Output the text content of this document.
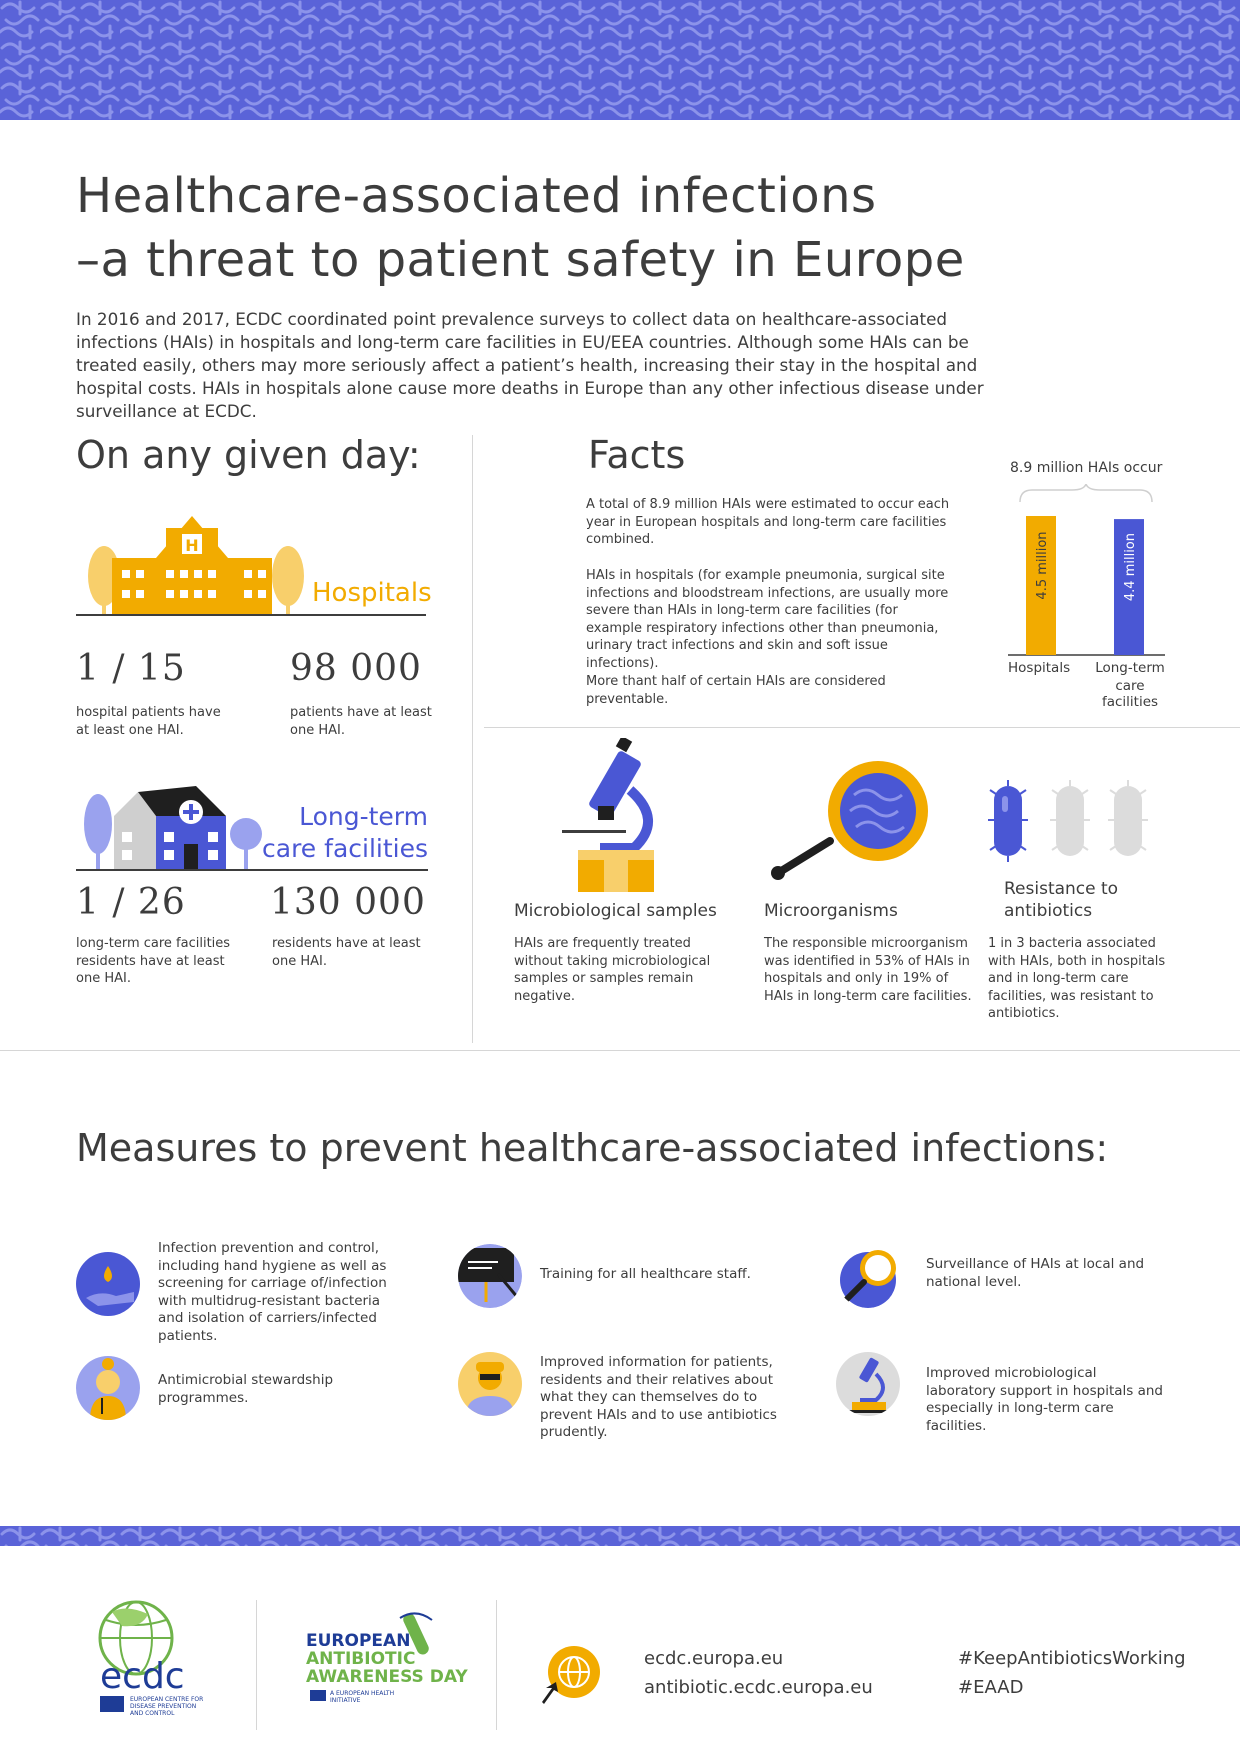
Healthcare-associated infections
–a threat to patient safety in Europe

In 2016 and 2017, ECDC coordinated point prevalence surveys to collect data on healthcare-associated infections (HAIs) in hospitals and long-term care facilities in EU/EEA countries. Although some HAIs can be treated easily, others may more seriously affect a patient’s health, increasing their stay in the hospital and hospital costs. HAIs in hospitals alone cause more deaths in Europe than any other infectious disease under surveillance at ECDC.

On any given day:
H
Hospitals
1 / 15
hospital patients have at least one HAI.
98 000
patients have at least one HAI.
Long-term
care facilities
1 / 26
long-term care facilities residents have at least one HAI.
130 000
residents have at least one HAI.
Facts
A total of 8.9 million HAIs were estimated to occur each year in European hospitals and long-term care facilities combined.
HAIs in hospitals (for example pneumonia, surgical site infections and bloodstream infections, are usually more severe than HAIs in long-term care facilities (for example respiratory infections other than pneumonia, urinary tract infections and skin and soft issue infections).
More thant half of certain HAIs are considered preventable.
8.9 million HAIs occur
4.5 million	4.4 million
Hospitals	Long-term
care facilities
Microbiological samples
HAIs are frequently treated without taking microbiological samples or samples remain negative.
Microorganisms
The responsible microorganism was identified in 53% of HAIs in hospitals and only in 19% of HAIs in long-term care facilities.
Resistance to
antibiotics
1 in 3 bacteria associated with HAIs, both in hospitals and in long-term care facilities, was resistant to antibiotics.
Measures to prevent healthcare-associated infections:
Infection prevention and control, including hand hygiene as well as screening for carriage of/infection with multidrug-resistant bacteria and isolation of carriers/infected patients.
Training for all healthcare staff.
Surveillance of HAIs at local and national level.
Antimicrobial stewardship programmes.
Improved information for patients, residents and their relatives about what they can themselves do to prevent HAIs and to use antibiotics prudently.
Improved microbiological laboratory support in hospitals and especially in long-term care facilities.
ecdc
EUROPEAN CENTRE FOR DISEASE PREVENTION AND CONTROL
EUROPEAN
ANTIBIOTIC
AWARENESS DAY
A EUROPEAN HEALTH INITIATIVE
ecdc.europa.eu
antibiotic.ecdc.europa.eu
#KeepAntibioticsWorking
#EAAD
